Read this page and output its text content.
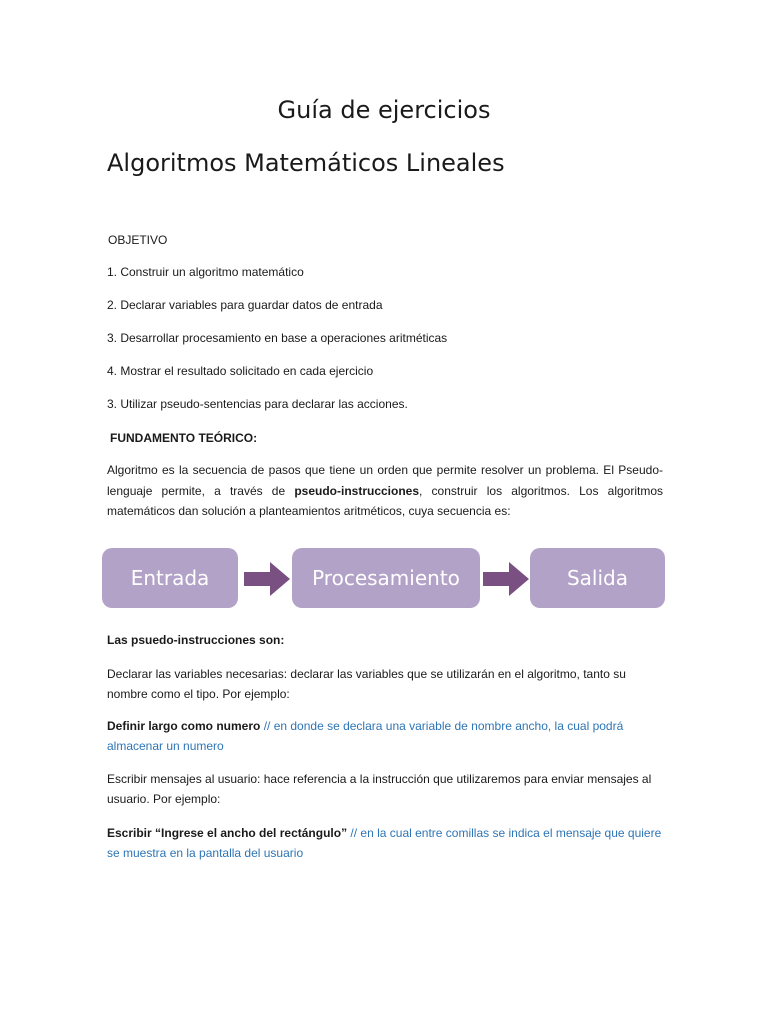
Guía de ejercicios
Algoritmos Matemáticos Lineales

OBJETIVO

1. Construir un algoritmo matemático
2. Declarar variables para guardar datos de entrada
3. Desarrollar procesamiento en base a operaciones aritméticas
4. Mostrar el resultado solicitado en cada ejercicio
3. Utilizar pseudo-sentencias para declarar las acciones.

FUNDAMENTO TEÓRICO:

Algoritmo es la secuencia de pasos que tiene un orden que permite resolver un problema. El Pseudo-lenguaje permite, a través de pseudo-instrucciones, construir los algoritmos. Los algoritmos matemáticos dan solución a planteamientos aritméticos, cuya secuencia es:

Entrada	Procesamiento	Salida

Las psuedo-instrucciones son:

Declarar las variables necesarias: declarar las variables que se utilizarán en el algoritmo, tanto su nombre como el tipo. Por ejemplo:

Definir largo como numero // en donde se declara una variable de nombre ancho, la cual podrá almacenar un numero

Escribir mensajes al usuario: hace referencia a la instrucción que utilizaremos para enviar mensajes al usuario. Por ejemplo:

Escribir “Ingrese el ancho del rectángulo” // en la cual entre comillas se indica el mensaje que quiere se muestra en la pantalla del usuario
